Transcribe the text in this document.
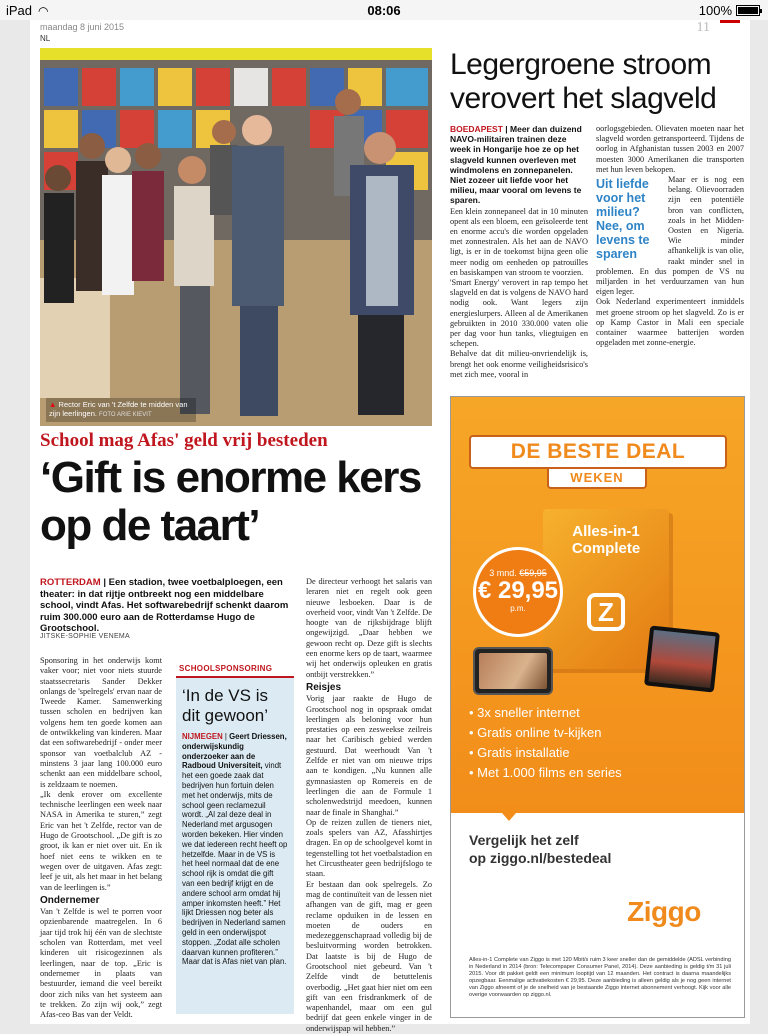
iPad ◠	08:06	100%
maandag 8 juni 2015
NL
11
▲ Rector Eric van 't Zelfde te midden van zijn leerlingen. FOTO ARIE KIEVIT
School mag Afas' geld vrij besteden
‘Gift is enorme kers op de taart’
ROTTERDAM | Een stadion, twee voetbalploegen, een theater: in dat rijtje ontbreekt nog een middelbare school, vindt Afas. Het softwarebedrijf schenkt daarom ruim 300.000 euro aan de Rotterdamse Hugo de Grootschool.
JITSKE-SOPHIE VENEMA

Sponsoring in het onderwijs komt vaker voor; niet voor niets stuurde staatssecretaris Sander Dekker onlangs de 'spelregels' ervan naar de Tweede Kamer. Samenwerking tussen scholen en bedrijven kan volgens hem ten goede komen aan de ontwikkeling van kinderen. Maar dat een softwarebedrijf - onder meer sponsor van voetbalclub AZ - minstens 3 jaar lang 100.000 euro schenkt aan een middelbare school, is zeldzaam te noemen.

„Ik denk erover om excellente technische leerlingen een week naar NASA in Amerika te sturen,” zegt Eric van het 't Zelfde, rector van de Hugo de Grootschool. „De gift is zo groot, ik kan er niet over uit. En ik hoef niet eens te wikken en te wegen over de uitgaven. Afas zegt: leef je uit, als het maar in het belang van de leerlingen is.”

Ondernemer

Van 't Zelfde is wel te porren voor opzienbarende maatregelen. In 6 jaar tijd trok hij één van de slechtste scholen van Rotterdam, met veel kinderen uit risicogezinnen als leerlingen, naar de top. „Eric is ondernemer in plaats van bestuurder, iemand die veel bereikt door zich niks van het systeem aan te trekken. Zo zijn wij ook,” zegt Afas-ceo Bas van der Veldt.

SCHOOLSPONSORING
‘In de VS is dit gewoon’
NIJMEGEN | Geert Driessen, onderwijskundig onderzoeker aan de Radboud Universiteit, vindt het een goede zaak dat bedrijven hun fortuin delen met het onderwijs, mits de school geen reclamezuil wordt. „Al zal deze deal in Nederland met argusogen worden bekeken. Hier vinden we dat iedereen recht heeft op hetzelfde. Maar in de VS is het heel normaal dat de ene school rijk is omdat die gift van een bedrijf krijgt en de andere school arm omdat hij amper inkomsten heeft.” Het lijkt Driessen nog beter als bedrijven in Nederland samen geld in een onderwijspot stoppen. „Zodat alle scholen daarvan kunnen profiteren.” Maar dat is Afas niet van plan.

De directeur verhoogt het salaris van leraren niet en regelt ook geen nieuwe lesboeken. Daar is de overheid voor, vindt Van 't Zelfde. De hoogte van de rijksbijdrage blijft ongewijzigd. „Daar hebben we gewoon recht op. Deze gift is slechts een enorme kers op de taart, waarmee wij het onderwijs opleuken en gratis ontbijt verstrekken.”

Reisjes

Vorig jaar raakte de Hugo de Grootschool nog in opspraak omdat leerlingen als beloning voor hun prestaties op een zesweekse zeilreis naar het Caribisch gebied werden gestuurd. Dat weerhoudt Van 't Zelfde er niet van om nieuwe trips aan te kondigen. „Nu kunnen alle gymnasiasten op Romereis en de leerlingen die aan de Formule 1 scholenwedstrijd meedoen, kunnen naar de finale in Shanghai.”

Op de reizen zullen de tieners niet, zoals spelers van AZ, Afasshirtjes dragen. En op de schoolgevel komt in tegenstelling tot het voetbalstadion en het Circustheater geen bedrijfslogo te staan.

Er bestaan dan ook spelregels. Zo mag de continuïteit van de lessen niet afhangen van de gift, mag er geen reclame opduiken in de lessen en moeten de ouders en medezeggenschapraad volledig bij de besluitvorming worden betrokken. Dat laatste is bij de Hugo de Grootschool niet gebeurd. Van 't Zelfde vindt de betuttelenis overbodig. „Het gaat hier niet om een gift van een frisdrankmerk of de wapenhandel, maar om een gul bedrijf dat geen enkele vinger in de onderwijspap wil hebben.”

Legergroene stroom verovert het slagveld

BOEDAPEST | Meer dan duizend NAVO-militairen trainen deze week in Hongarije hoe ze op het slagveld kunnen overleven met windmolens en zonnepanelen. Niet zozeer uit liefde voor het milieu, maar vooral om levens te sparen.

Een klein zonnepaneel dat in 10 minuten opent als een bloem, een geïsoleerde tent en enorme accu's die worden opgeladen met zonnestralen. Als het aan de NAVO ligt, is er in de toekomst bijna geen olie meer nodig om eenheden op patrouilles en basiskampen van stroom te voorzien.

'Smart Energy' verovert in rap tempo het slagveld en dat is volgens de NAVO hard nodig ook. Want legers zijn energieslurpers. Alleen al de Amerikanen gebruikten in 2010 330.000 vaten olie per dag voor hun tanks, vliegtuigen en schepen.

Behalve dat dit milieu-onvriendelijk is, brengt het ook enorme veiligheidsrisico's met zich mee, vooral in

oorlogsgebieden. Olievaten moeten naar het slagveld worden getransporteerd. Tijdens de oorlog in Afghanistan tussen 2003 en 2007 moesten 3000 Amerikanen die transporten met hun leven bekopen.

Uit liefde voor het milieu? Nee, om levens te sparen

Maar er is nog een belang. Olievoorraden zijn een potentiële bron van conflicten, zoals in het Midden-Oosten en Nigeria. Wie minder afhankelijk is van olie, raakt minder snel in problemen. En dus pompen de VS nu miljarden in het verduurzamen van hun eigen leger.

Ook Nederland experimenteert inmiddels met groene stroom op het slagveld. Zo is er op Kamp Castor in Mali een speciale container waarmee batterijen worden opgeladen met zonne-energie.

DE BESTE DEAL
WEKEN
Alles-in-1 Complete
Z
3 mnd. €59,95
€ 29,95
p.m.
• 3x sneller internet
• Gratis online tv-kijken
• Gratis installatie
• Met 1.000 films en series
Vergelijk het zelf
op ziggo.nl/bestedeal
Ziggo
Alles-in-1 Complete van Ziggo is met 120 Mbit/s ruim 3 keer sneller dan de gemiddelde (ADSL verbinding in Nederland in 2014 (bron: Telecompaper Consumer Panel, 2014). Deze aanbieding is geldig t/m 31 juli 2015. Voor dit pakket geldt een minimum looptijd van 12 maanden. Het contract is daarna maandelijks opzegbaar. Eenmalige activatiekosten € 29,95. Deze aanbieding is alleen geldig als je nog geen internet van Ziggo afneemt of je de snelheid van je bestaande Ziggo internet abonnement verhoogt. Kijk voor alle overige voorwaarden op ziggo.nl.
